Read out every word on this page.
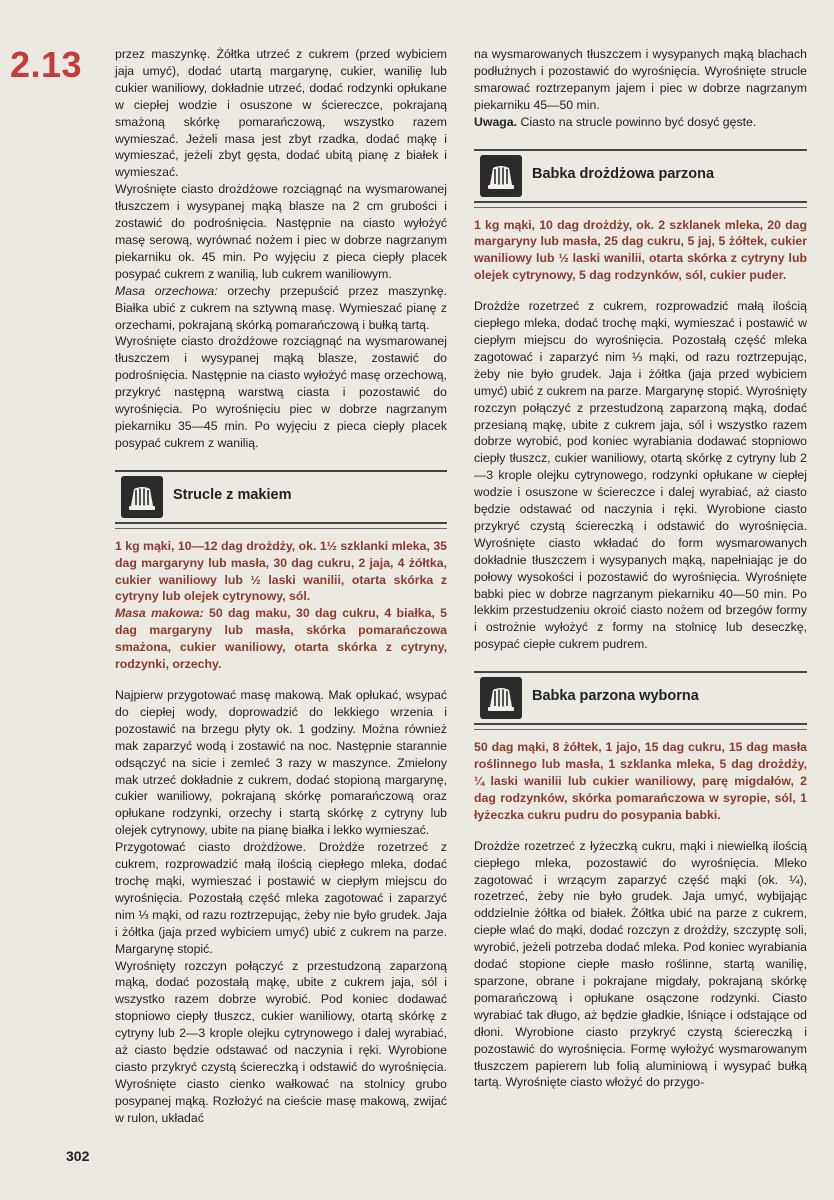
2.13	przez maszynkę. Żółtka utrzeć z cukrem (przed wybiciem jaja umyć), dodać utartą margarynę, cukier, wanilię lub cukier waniliowy, dokładnie utrzeć, dodać rodzynki opłukane w ciepłej wodzie i osuszone w ściereczce, pokrajaną smażoną skórkę pomarańczową, wszystko razem wymieszać. Jeżeli masa jest zbyt rzadka, dodać mąkę i wymieszać, jeżeli zbyt gęsta, dodać ubitą pianę z białek i wymieszać.

Wyrośnięte ciasto drożdżowe rozciągnąć na wysmarowanej tłuszczem i wysypanej mąką blasze na 2 cm grubości i zostawić do podrośnięcia. Następnie na ciasto wyłożyć masę serową, wyrównać nożem i piec w dobrze nagrzanym piekarniku ok. 45 min. Po wyjęciu z pieca ciepły placek posypać cukrem z wanilią, lub cukrem waniliowym.

Masa orzechowa: orzechy przepuścić przez maszynkę. Białka ubić z cukrem na sztywną masę. Wymieszać pianę z orzechami, pokrajaną skórką pomarańczową i bułką tartą.

Wyrośnięte ciasto drożdżowe rozciągnąć na wysmarowanej tłuszczem i wysypanej mąką blasze, zostawić do podrośnięcia. Następnie na ciasto wyłożyć masę orzechową, przykryć następną warstwą ciasta i pozostawić do wyrośnięcia. Po wyrośnięciu piec w dobrze nagrzanym piekarniku 35—45 min. Po wyjęciu z pieca ciepły placek posypać cukrem z wanilią.

Strucle z makiem

1 kg mąki, 10—12 dag drożdży, ok. 1½ szklanki mleka, 35 dag margaryny lub masła, 30 dag cukru, 2 jaja, 4 żółtka, cukier waniliowy lub ½ laski wanilii, otarta skórka z cytryny lub olejek cytrynowy, sól.

Masa makowa: 50 dag maku, 30 dag cukru, 4 białka, 5 dag margaryny lub masła, skórka pomarańczowa smażona, cukier waniliowy, otarta skórka z cytryny, rodzynki, orzechy.

Najpierw przygotować masę makową. Mak opłukać, wsypać do ciepłej wody, doprowadzić do lekkiego wrzenia i pozostawić na brzegu płyty ok. 1 godziny. Można również mak zaparzyć wodą i zostawić na noc. Następnie starannie odsączyć na sicie i zemleć 3 razy w maszynce. Zmielony mak utrzeć dokładnie z cukrem, dodać stopioną margarynę, cukier waniliowy, pokrajaną skórkę pomarańczową oraz opłukane rodzynki, orzechy i startą skórkę z cytryny lub olejek cytrynowy, ubite na pianę białka i lekko wymieszać.

Przygotować ciasto drożdżowe. Drożdże rozetrzeć z cukrem, rozprowadzić małą ilością ciepłego mleka, dodać trochę mąki, wymieszać i postawić w ciepłym miejscu do wyrośnięcia. Pozostałą część mleka zagotować i zaparzyć nim ⅓ mąki, od razu roztrzepując, żeby nie było grudek. Jaja i żółtka (jaja przed wybiciem umyć) ubić z cukrem na parze. Margarynę stopić.

Wyrośnięty rozczyn połączyć z przestudzoną zaparzoną mąką, dodać pozostałą mąkę, ubite z cukrem jaja, sól i wszystko razem dobrze wyrobić. Pod koniec dodawać stopniowo ciepły tłuszcz, cukier waniliowy, otartą skórkę z cytryny lub 2—3 krople olejku cytrynowego i dalej wyrabiać, aż ciasto będzie odstawać od naczynia i ręki. Wyrobione ciasto przykryć czystą ściereczką i odstawić do wyrośnięcia. Wyrośnięte ciasto cienko wałkować na stolnicy grubo posypanej mąką. Rozłożyć na cieście masę makową, zwijać w rulon, układać

na wysmarowanych tłuszczem i wysypanych mąką blachach podłużnych i pozostawić do wyrośnięcia. Wyrośnięte strucle smarować roztrzepanym jajem i piec w dobrze nagrzanym piekarniku 45—50 min.

Uwaga. Ciasto na strucle powinno być dosyć gęste.

Babka drożdżowa parzona

1 kg mąki, 10 dag drożdży, ok. 2 szklanek mleka, 20 dag margaryny lub masła, 25 dag cukru, 5 jaj, 5 żółtek, cukier waniliowy lub ½ laski wanilii, otarta skórka z cytryny lub olejek cytrynowy, 5 dag rodzynków, sól, cukier puder.

Drożdże rozetrzeć z cukrem, rozprowadzić małą ilością ciepłego mleka, dodać trochę mąki, wymieszać i postawić w ciepłym miejscu do wyrośnięcia. Pozostałą część mleka zagotować i zaparzyć nim ⅓ mąki, od razu roztrzepując, żeby nie było grudek. Jaja i żółtka (jaja przed wybiciem umyć) ubić z cukrem na parze. Margarynę stopić. Wyrośnięty rozczyn połączyć z przestudzoną zaparzoną mąką, dodać przesianą mąkę, ubite z cukrem jaja, sól i wszystko razem dobrze wyrobić, pod koniec wyrabiania dodawać stopniowo ciepły tłuszcz, cukier waniliowy, otartą skórkę z cytryny lub 2—3 krople olejku cytrynowego, rodzynki opłukane w ciepłej wodzie i osuszone w ściereczce i dalej wyrabiać, aż ciasto będzie odstawać od naczynia i ręki. Wyrobione ciasto przykryć czystą ściereczką i odstawić do wyrośnięcia. Wyrośnięte ciasto wkładać do form wysmarowanych dokładnie tłuszczem i wysypanych mąką, napełniając je do połowy wysokości i pozostawić do wyrośnięcia. Wyrośnięte babki piec w dobrze nagrzanym piekarniku 40—50 min. Po lekkim przestudzeniu okroić ciasto nożem od brzegów formy i ostrożnie wyłożyć z formy na stolnicę lub deseczkę, posypać ciepłe cukrem pudrem.

Babka parzona wyborna

50 dag mąki, 8 żółtek, 1 jajo, 15 dag cukru, 15 dag masła roślinnego lub masła, 1 szklanka mleka, 5 dag drożdży, ¼ laski wanilii lub cukier waniliowy, parę migdałów, 2 dag rodzynków, skórka pomarańczowa w syropie, sól, 1 łyżeczka cukru pudru do posypania babki.

Drożdże rozetrzeć z łyżeczką cukru, mąki i niewielką ilością ciepłego mleka, pozostawić do wyrośnięcia. Mleko zagotować i wrzącym zaparzyć część mąki (ok. ¼), rozetrzeć, żeby nie było grudek. Jaja umyć, wybijając oddzielnie żółtka od białek. Żółtka ubić na parze z cukrem, ciepłe wlać do mąki, dodać rozczyn z drożdży, szczyptę soli, wyrobić, jeżeli potrzeba dodać mleka. Pod koniec wyrabiania dodać stopione ciepłe masło roślinne, startą wanilię, sparzone, obrane i pokrajane migdały, pokrajaną skórkę pomarańczową i opłukane osączone rodzynki. Ciasto wyrabiać tak długo, aż będzie gładkie, lśniące i odstające od dłoni. Wyrobione ciasto przykryć czystą ściereczką i pozostawić do wyrośnięcia. Formę wyłożyć wysmarowanym tłuszczem papierem lub folią aluminiową i wysypać bułką tartą. Wyrośnięte ciasto włożyć do przygo-

302
